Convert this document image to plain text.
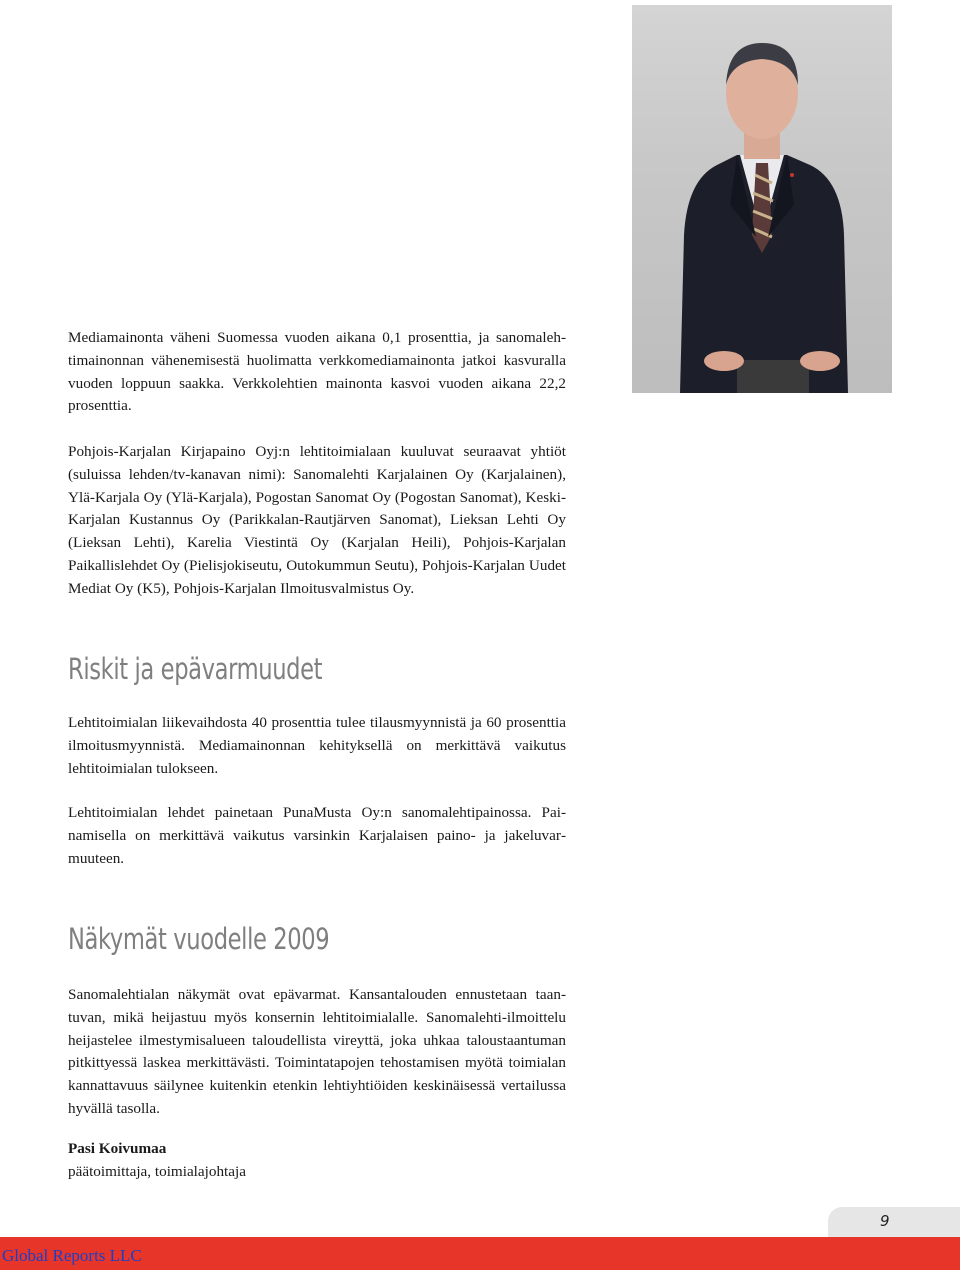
Mediamainonta väheni Suomessa vuoden aikana 0,1 prosenttia, ja sanomalehtimainonnan vähenemisestä huolimatta verkkomediamainonta jatkoi kasvuralla vuoden loppuun saakka. Verkkolehtien mainonta kasvoi vuoden aikana 22,2 prosenttia.

Pohjois-Karjalan Kirjapaino Oyj:n lehtitoimialaan kuuluvat seuraavat yhtiöt (suluissa lehden/tv-kanavan nimi): Sanomalehti Karjalainen Oy (Karjalainen), Ylä-Karjala Oy (Ylä-Karjala), Pogostan Sanomat Oy (Pogostan Sanomat), Keski-Karjalan Kustannus Oy (Parikkalan-Rautjärven Sanomat), Lieksan Lehti Oy (Lieksan Lehti), Karelia Viestintä Oy (Karjalan Heili), Pohjois-Karjalan Paikallislehdet Oy (Pielisjokiseutu, Outokummun Seutu), Pohjois-Karjalan Uudet Mediat Oy (K5), Pohjois-Karjalan Ilmoitusvalmistus Oy.

Riskit ja epävarmuudet

Lehtitoimialan liikevaihdosta 40 prosenttia tulee tilausmyynnistä ja 60 prosenttia ilmoitusmyynnistä. Mediamainonnan kehityksellä on merkittävä vaikutus lehtitoimialan tulokseen.

Lehtitoimialan lehdet painetaan PunaMusta Oy:n sanomalehtipainossa. Painamisella on merkittävä vaikutus varsinkin Karjalaisen paino- ja jakeluvarmuuteen.

Näkymät vuodelle 2009

Sanomalehtialan näkymät ovat epävarmat. Kansantalouden ennustetaan taantuvan, mikä heijastuu myös konsernin lehtitoimialalle. Sanomalehti-ilmoittelu heijastelee ilmestymisalueen taloudellista vireyttä, joka uhkaa taloustaantuman pitkittyessä laskea merkittävästi. Toimintatapojen tehostamisen myötä toimialan kannattavuus säilynee kuitenkin etenkin lehtiyhtiöiden keskinäisessä vertailussa hyvällä tasolla.

Pasi Koivumaa

päätoimittaja, toimialajohtaja

9
Global Reports LLC
